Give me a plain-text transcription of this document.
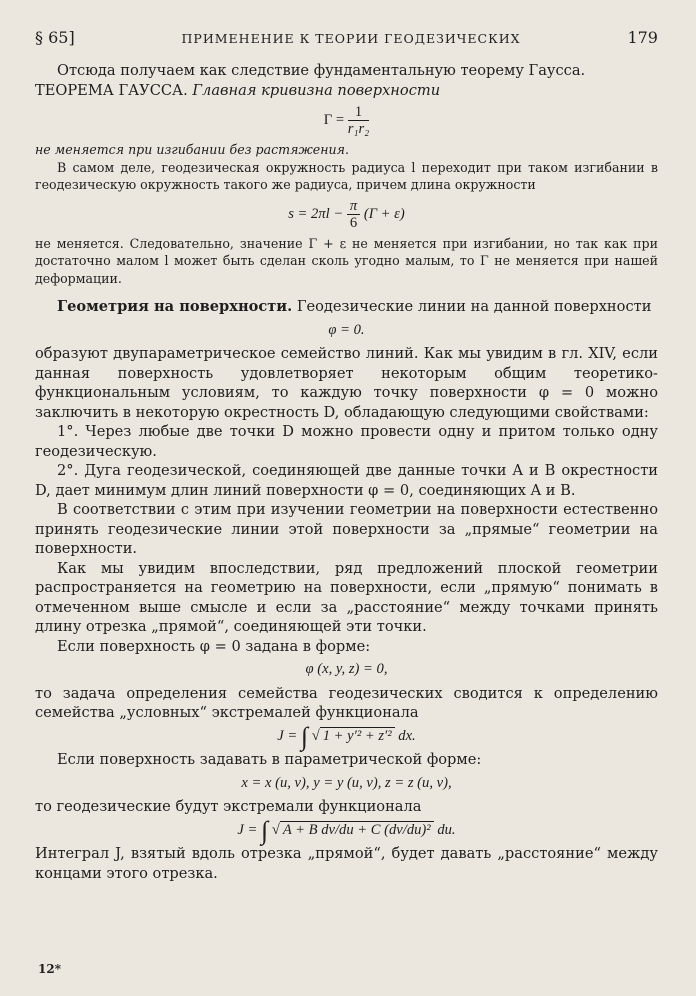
§ 65]	ПРИМЕНЕНИЕ К ТЕОРИИ ГЕОДЕЗИЧЕСКИХ	179

Отсюда получаем как следствие фундаментальную теорему Гаусса.
ТЕОРЕМА ГАУССА. Главная кривизна поверхности

$\Gamma = \frac{1}{\text{r₁r₂}}$

не меняется при изгибании без растяжения.

В самом деле, геодезическая окружность радиуса l переходит при таком изгибании в геодезическую окружность такого же радиуса, причем длина окружности

$s = 2\pi l - \frac{\pi}{6} (\Gamma + \varepsilon)$

не меняется. Следовательно, значение Γ + ε не меняется при изгибании, но так как при достаточно малом l может быть сделан сколь угодно малым, то Γ не меняется при нашей деформации.

Геометрия на поверхности. Геодезические линии на данной поверхности

φ = 0.

образуют двупараметрическое семейство линий. Как мы увидим в гл. XIV, если данная поверхность удовлетворяет некоторым общим теоретико-функциональным условиям, то каждую точку поверхности φ = 0 можно заключить в некоторую окрестность D, обладающую следующими свойствами:

1°. Через любые две точки D можно провести одну и притом только одну геодезическую.

2°. Дуга геодезической, соединяющей две данные точки A и B окрестности D, дает минимум длин линий поверхности φ = 0, соединяющих A и B.

В соответствии с этим при изучении геометрии на поверхности естественно принять геодезические линии этой поверхности за „прямые“ геометрии на поверхности.

Как мы увидим впоследствии, ряд предложений плоской геометрии распространяется на геометрию на поверхности, если „прямую“ понимать в отмеченном выше смысле и если за „расстояние“ между точками принять длину отрезка „прямой“, соединяющей эти точки.

Если поверхность φ = 0 задана в форме:

φ (x, y, z) = 0,

то задача определения семейства геодезических сводится к определению семейства „условных“ экстремалей функционала

J = ∫ √ 1 + y′² + z′² dx.

Если поверхность задавать в параметрической форме:

x = x (u, v), y = y (u, v), z = z (u, v),

то геодезические будут экстремали функционала

J = ∫ √ A + B dv/du + C (dv/du)² du.

Интеграл J, взятый вдоль отрезка „прямой“, будет давать „расстояние“ между концами этого отрезка.

12*
